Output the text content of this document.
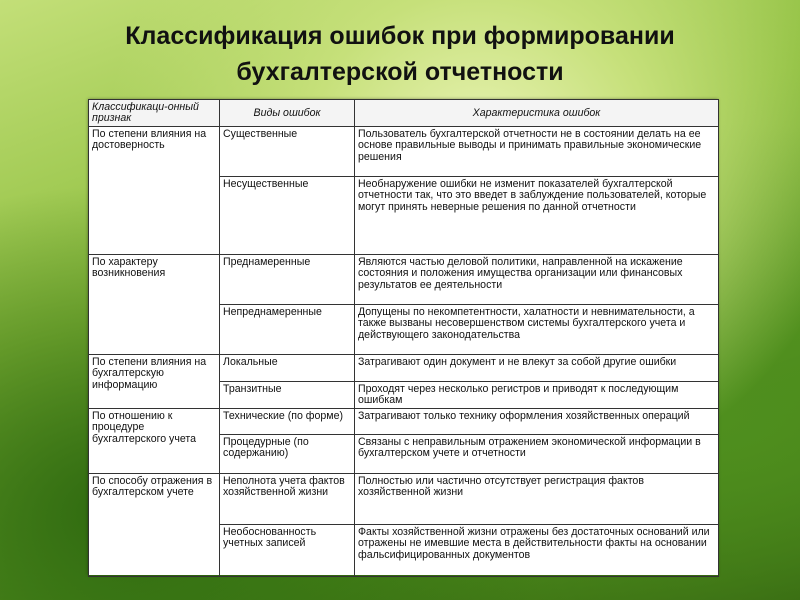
Классификация ошибок при формировании
бухгалтерской отчетности
Классификаци-онный признак	Виды ошибок	Характеристика ошибок
По степени влияния на достоверность	Существенные	Пользователь бухгалтерской отчетности не в состоянии делать на ее основе правильные выводы и принимать правильные экономические решения
	Несущественные	Необнаружение ошибки не изменит показателей бухгалтерской отчетности так, что это введет в заблуждение пользователей, которые могут принять неверные решения по данной отчетности
По характеру возникновения	Преднамеренные	Являются частью деловой политики, направленной на искажение состояния и положения имущества организации или финансовых результатов ее деятельности
	Непреднамеренные	Допущены по некомпетентности, халатности и невнимательности, а также вызваны несовершенством системы бухгалтерского учета и действующего законодательства
По степени влияния на бухгалтерскую информацию	Локальные	Затрагивают один документ и не влекут за собой другие ошибки
	Транзитные	Проходят через несколько регистров и приводят к последующим ошибкам
По отношению к процедуре бухгалтерского учета	Технические (по форме)	Затрагивают только технику оформления хозяйственных операций
	Процедурные (по содержанию)	Связаны с неправильным отражением экономической информации в бухгалтерском учете и отчетности
По способу отражения в бухгалтерском учете	Неполнота учета фактов хозяйственной жизни	Полностью или частично отсутствует регистрация фактов хозяйственной жизни
	Необоснованность учетных записей	Факты хозяйственной жизни отражены без достаточных оснований или отражены не имевшие места в действительности факты на основании фальсифицированных документов
